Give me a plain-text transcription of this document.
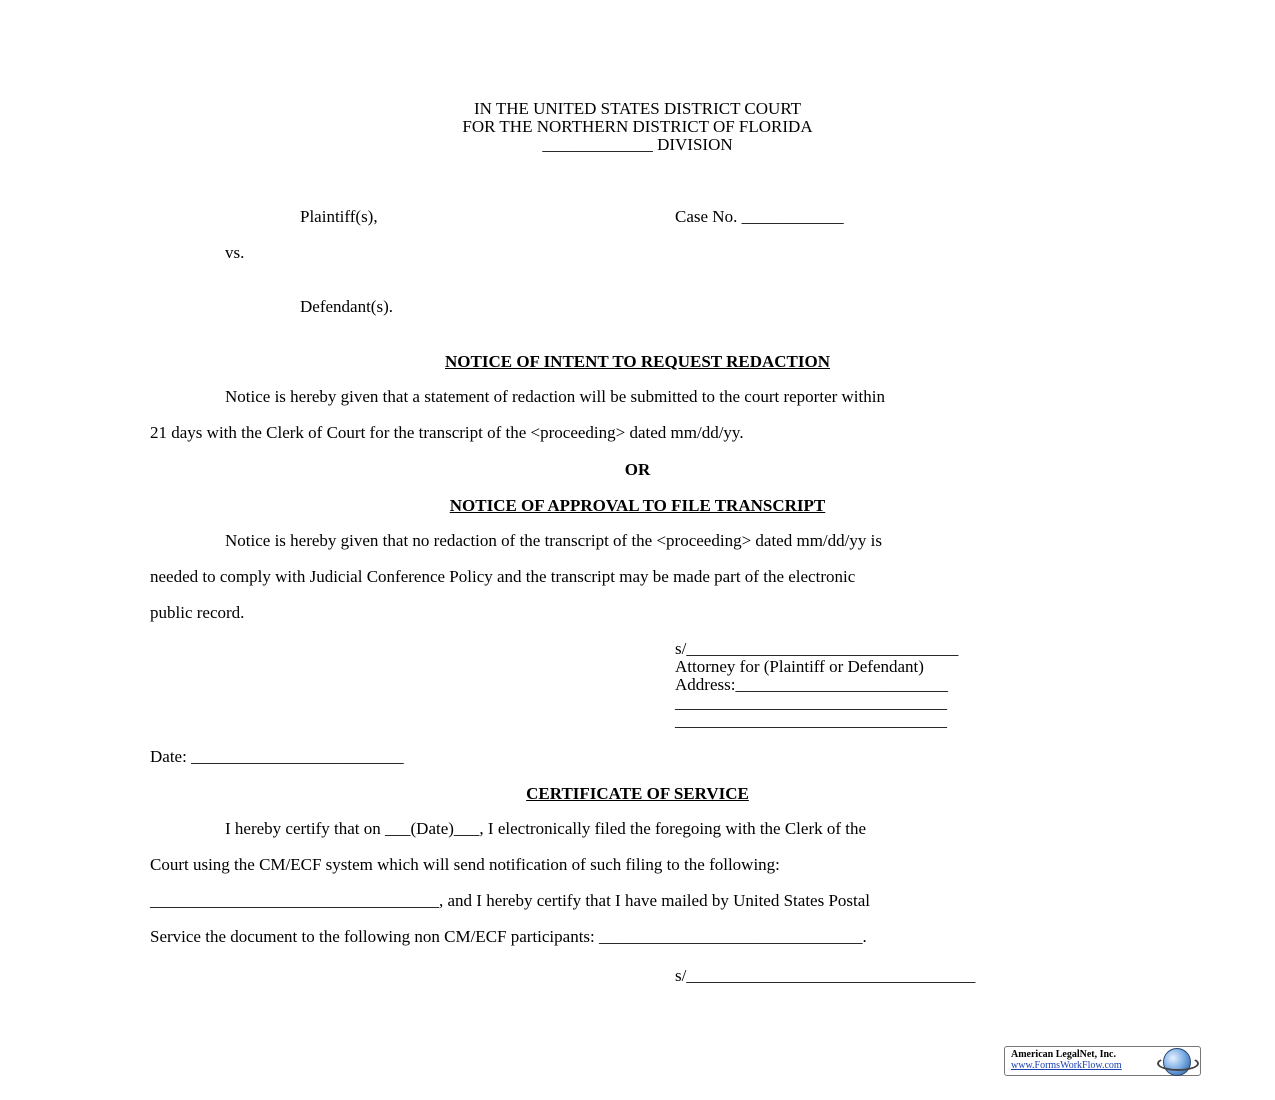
IN THE UNITED STATES DISTRICT COURT
FOR THE NORTHERN DISTRICT OF FLORIDA
_____________ DIVISION
Plaintiff(s),	Case No. ____________
vs.
Defendant(s).
NOTICE OF INTENT TO REQUEST REDACTION
Notice is hereby given that a statement of redaction will be submitted to the court reporter within
21 days with the Clerk of Court for the transcript of the <proceeding> dated mm/dd/yy.
OR
NOTICE OF APPROVAL TO FILE TRANSCRIPT
Notice is hereby given that no redaction of the transcript of the <proceeding> dated mm/dd/yy is
needed to comply with Judicial Conference Policy and the transcript may be made part of the electronic
public record.
s/________________________________
Attorney for (Plaintiff or Defendant)
Address:_________________________
________________________________
________________________________
Date: _________________________
CERTIFICATE OF SERVICE
I hereby certify that on ___(Date)___, I electronically filed the foregoing with the Clerk of the
Court using the CM/ECF system which will send notification of such filing to the following:
__________________________________, and I hereby certify that I have mailed by United States Postal
Service the document to the following non CM/ECF participants: _______________________________.
s/__________________________________
American LegalNet, Inc.
www.FormsWorkFlow.com
